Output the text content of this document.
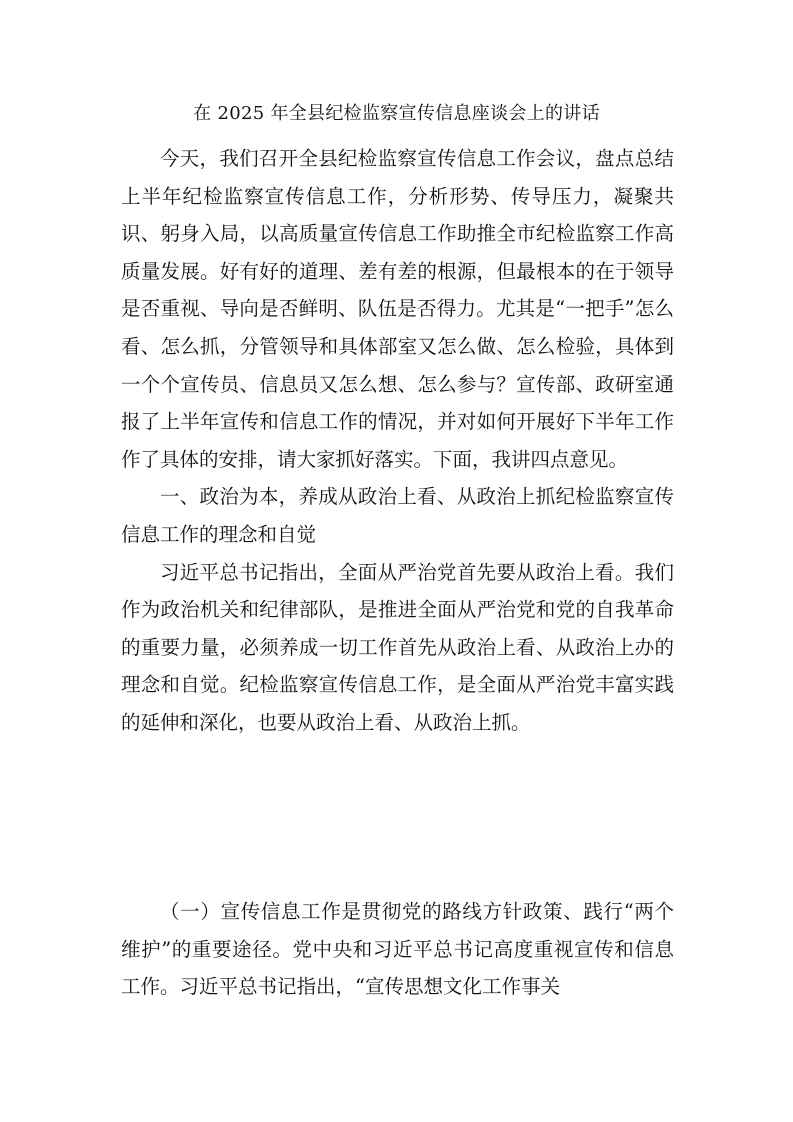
在 2025 年全县纪检监察宣传信息座谈会上的讲话

今天，我们召开全县纪检监察宣传信息工作会议，盘点总结上半年纪检监察宣传信息工作，分析形势、传导压力，凝聚共识、躬身入局，以高质量宣传信息工作助推全市纪检监察工作高质量发展。好有好的道理、差有差的根源，但最根本的在于领导是否重视、导向是否鲜明、队伍是否得力。尤其是“一把手”怎么看、怎么抓，分管领导和具体部室又怎么做、怎么检验，具体到一个个宣传员、信息员又怎么想、怎么参与？宣传部、政研室通报了上半年宣传和信息工作的情况，并对如何开展好下半年工作作了具体的安排，请大家抓好落实。下面，我讲四点意见。

一、政治为本，养成从政治上看、从政治上抓纪检监察宣传信息工作的理念和自觉

习近平总书记指出，全面从严治党首先要从政治上看。我们作为政治机关和纪律部队，是推进全面从严治党和党的自我革命的重要力量，必须养成一切工作首先从政治上看、从政治上办的理念和自觉。纪检监察宣传信息工作，是全面从严治党丰富实践的延伸和深化，也要从政治上看、从政治上抓。

（一）宣传信息工作是贯彻党的路线方针政策、践行“两个维护”的重要途径。党中央和习近平总书记高度重视宣传和信息工作。习近平总书记指出，“宣传思想文化工作事关
